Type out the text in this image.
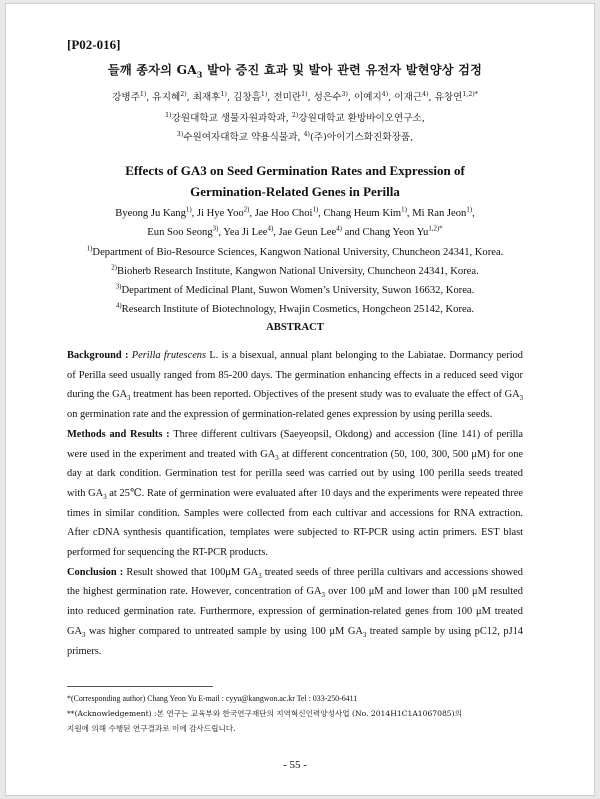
[P02-016]
들깨 종자의 $GA_3$ 발아 증진 효과 및 발아 관련 유전자 발현양상 검정
강병주$^{1)}$, 유지혜$^{2)}$, 최재후$^{1)}$, 김창흠$^{1)}$, 전미란$^{1)}$, 성은수$^{3)}$, 이예지$^{4)}$, 이재근$^{4)}$, 유창연$^{1,2)*}$
$^{1)}$강원대학교 생물자원과학과, $^{2)}$강원대학교 환방바이오연구소,
$^{3)}$수원여자대학교 약용식물과, $^{4)}$(주)아이기스화진화장품,
Effects of GA3 on Seed Germination Rates and Expression of
Germination-Related Genes in Perilla
Byeong Ju Kang$^{1)}$, Ji Hye Yoo$^{2)}$, Jae Hoo Choi$^{1)}$, Chang Heum Kim$^{1)}$, Mi Ran Jeon$^{1)}$,
Eun Soo Seong$^{3)}$, Yea Ji Lee$^{4)}$, Jae Geun Lee$^{4)}$ and Chang Yeon $Yu^{1,2)*}$
$^{1)}$Department of Bio-Resource Sciences, Kangwon National University, Chuncheon 24341, Korea.
$^{2)}$Bioherb Research Institute, Kangwon National University, Chuncheon 24341, Korea.
$^{3)}$Department of Medicinal Plant, Suwon Women’s University, Suwon 16632, Korea.
$^{4)}$Research Institute of Biotechnology, Hwajin Cosmetics, Hongcheon 25142, Korea.
ABSTRACT

Background : Perilla frutescens L. is a bisexual, annual plant belonging to the Labiatae. Dormancy period of Perilla seed usually ranged from 85-200 days. The germination enhancing effects in a reduced seed vigor during the $GA_3$ treatment has been reported. Objectives of the present study was to evaluate the effect of $GA_3$ on germination rate and the expression of germination-related genes expression by using perilla seeds.

Methods and Results : Three different cultivars (Saeyeopsil, Okdong) and accession (line 141) of perilla were used in the experiment and treated with $GA_3$ at different concentration (50, 100, 300, 500 μM) for one day at dark condition. Germination test for perilla seed was carried out by using 100 perilla seeds treated with $GA_3$ at 25℃. Rate of germination were evaluated after 10 days and the experiments were repeated three times in similar condition. Samples were collected from each cultivar and accessions for RNA extraction. After cDNA synthesis quantification, templates were subjected to RT-PCR using actin primers. EST blast performed for sequencing the RT-PCR products.

Conclusion : Result showed that 100μM $GA_3$ treated seeds of three perilla cultivars and accessions showed the highest germination rate. However, concentration of $GA_3$ over 100 μM and lower than 100 μM resulted into reduced germination rate. Furthermore, expression of germination-related genes from 100 μM treated $GA_3$ was higher compared to untreated sample by using 100 μM $GA_3$ treated sample by using pC12, pJ14 primers.

*(Corresponding author) Chang Yeon Yu E-mail : cyyu@kangwon.ac.kr Tel : 033-250-6411
**(Acknowledgement) :본 연구는 교육부와 한국연구재단의 지역혁신인력양성사업 (No. 2014H1C1A1067085)의
지원에 의해 수행된 연구결과로 이에 감사드립니다.
- 55 -
